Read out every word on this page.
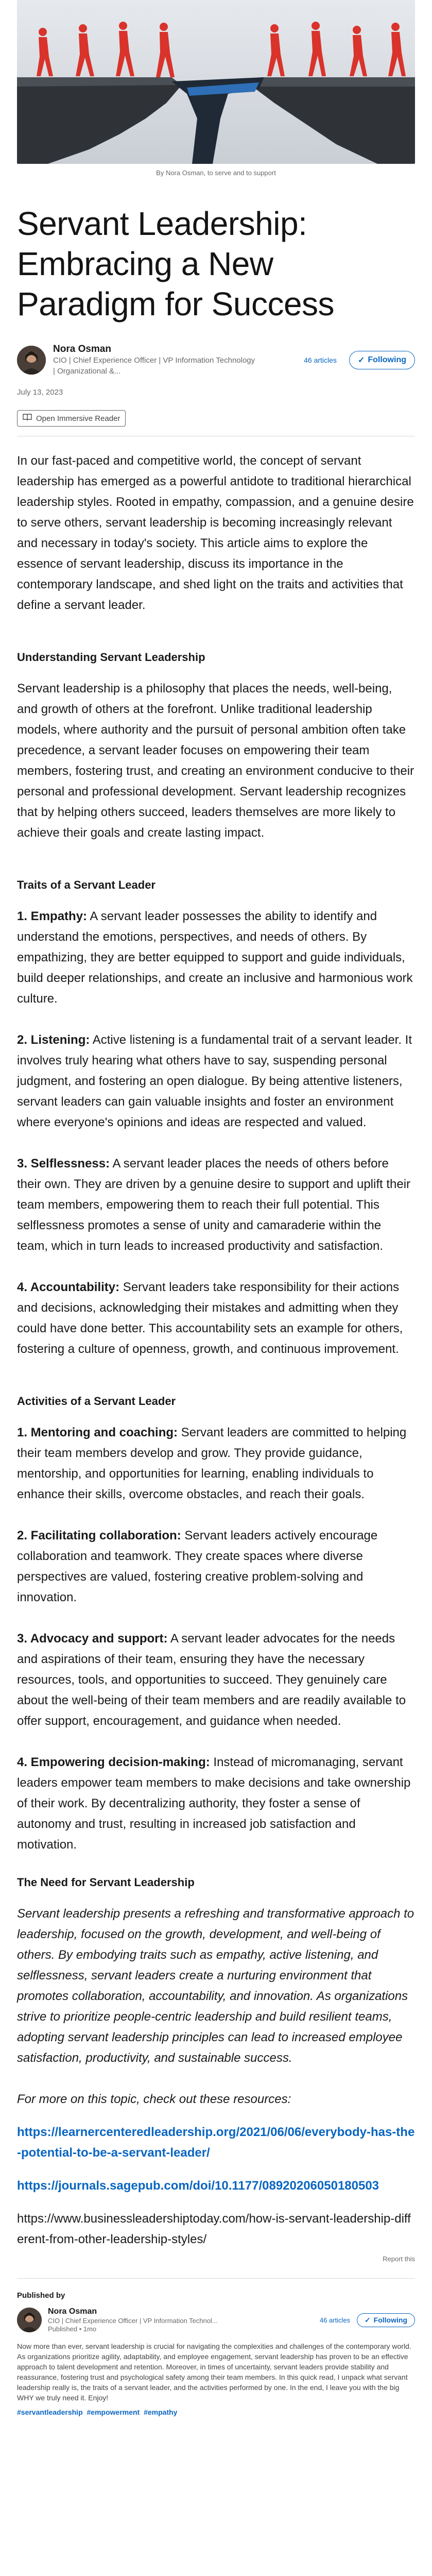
By Nora Osman, to serve and to support
Servant Leadership: Embracing a New Paradigm for Success
Nora Osman
CIO | Chief Experience Officer | VP Information Technology | Organizational &...
46 articles	✓ Following
July 13, 2023
Open Immersive Reader

In our fast-paced and competitive world, the concept of servant leadership has emerged as a powerful antidote to traditional hierarchical leadership styles. Rooted in empathy, compassion, and a genuine desire to serve others, servant leadership is becoming increasingly relevant and necessary in today's society. This article aims to explore the essence of servant leadership, discuss its importance in the contemporary landscape, and shed light on the traits and activities that define a servant leader.

Understanding Servant Leadership

Servant leadership is a philosophy that places the needs, well-being, and growth of others at the forefront. Unlike traditional leadership models, where authority and the pursuit of personal ambition often take precedence, a servant leader focuses on empowering their team members, fostering trust, and creating an environment conducive to their personal and professional development. Servant leadership recognizes that by helping others succeed, leaders themselves are more likely to achieve their goals and create lasting impact.

Traits of a Servant Leader

1. Empathy: A servant leader possesses the ability to identify and understand the emotions, perspectives, and needs of others. By empathizing, they are better equipped to support and guide individuals, build deeper relationships, and create an inclusive and harmonious work culture.

2. Listening: Active listening is a fundamental trait of a servant leader. It involves truly hearing what others have to say, suspending personal judgment, and fostering an open dialogue. By being attentive listeners, servant leaders can gain valuable insights and foster an environment where everyone's opinions and ideas are respected and valued.

3. Selflessness: A servant leader places the needs of others before their own. They are driven by a genuine desire to support and uplift their team members, empowering them to reach their full potential. This selflessness promotes a sense of unity and camaraderie within the team, which in turn leads to increased productivity and satisfaction.

4. Accountability: Servant leaders take responsibility for their actions and decisions, acknowledging their mistakes and admitting when they could have done better. This accountability sets an example for others, fostering a culture of openness, growth, and continuous improvement.

Activities of a Servant Leader

1. Mentoring and coaching: Servant leaders are committed to helping their team members develop and grow. They provide guidance, mentorship, and opportunities for learning, enabling individuals to enhance their skills, overcome obstacles, and reach their goals.

2. Facilitating collaboration: Servant leaders actively encourage collaboration and teamwork. They create spaces where diverse perspectives are valued, fostering creative problem-solving and innovation.

3. Advocacy and support: A servant leader advocates for the needs and aspirations of their team, ensuring they have the necessary resources, tools, and opportunities to succeed. They genuinely care about the well-being of their team members and are readily available to offer support, encouragement, and guidance when needed.

4. Empowering decision-making: Instead of micromanaging, servant leaders empower team members to make decisions and take ownership of their work. By decentralizing authority, they foster a sense of autonomy and trust, resulting in increased job satisfaction and motivation.

The Need for Servant Leadership

Servant leadership presents a refreshing and transformative approach to leadership, focused on the growth, development, and well-being of others. By embodying traits such as empathy, active listening, and selflessness, servant leaders create a nurturing environment that promotes collaboration, accountability, and innovation. As organizations strive to prioritize people-centric leadership and build resilient teams, adopting servant leadership principles can lead to increased employee satisfaction, productivity, and sustainable success.

For more on this topic, check out these resources:

https://learnercenteredleadership.org/2021/06/06/everybody-has-the-potential-to-be-a-servant-leader/

https://journals.sagepub.com/doi/10.1177/08920206050180503

https://www.businessleadershiptoday.com/how-is-servant-leadership-different-from-other-leadership-styles/

Report this
Published by
Nora Osman
CIO | Chief Experience Officer | VP Information Technol...
Published • 1mo
46 articles ✓ Following
Now more than ever, servant leadership is crucial for navigating the complexities and challenges of the contemporary world. As organizations prioritize agility, adaptability, and employee engagement, servant leadership has proven to be an effective approach to talent development and retention. Moreover, in times of uncertainty, servant leaders provide stability and reassurance, fostering trust and psychological safety among their team members. In this quick read, I unpack what servant leadership really is, the traits of a servant leader, and the activities performed by one. In the end, I leave you with the big WHY we truly need it. Enjoy!
#servantleadership #empowerment #empathy
